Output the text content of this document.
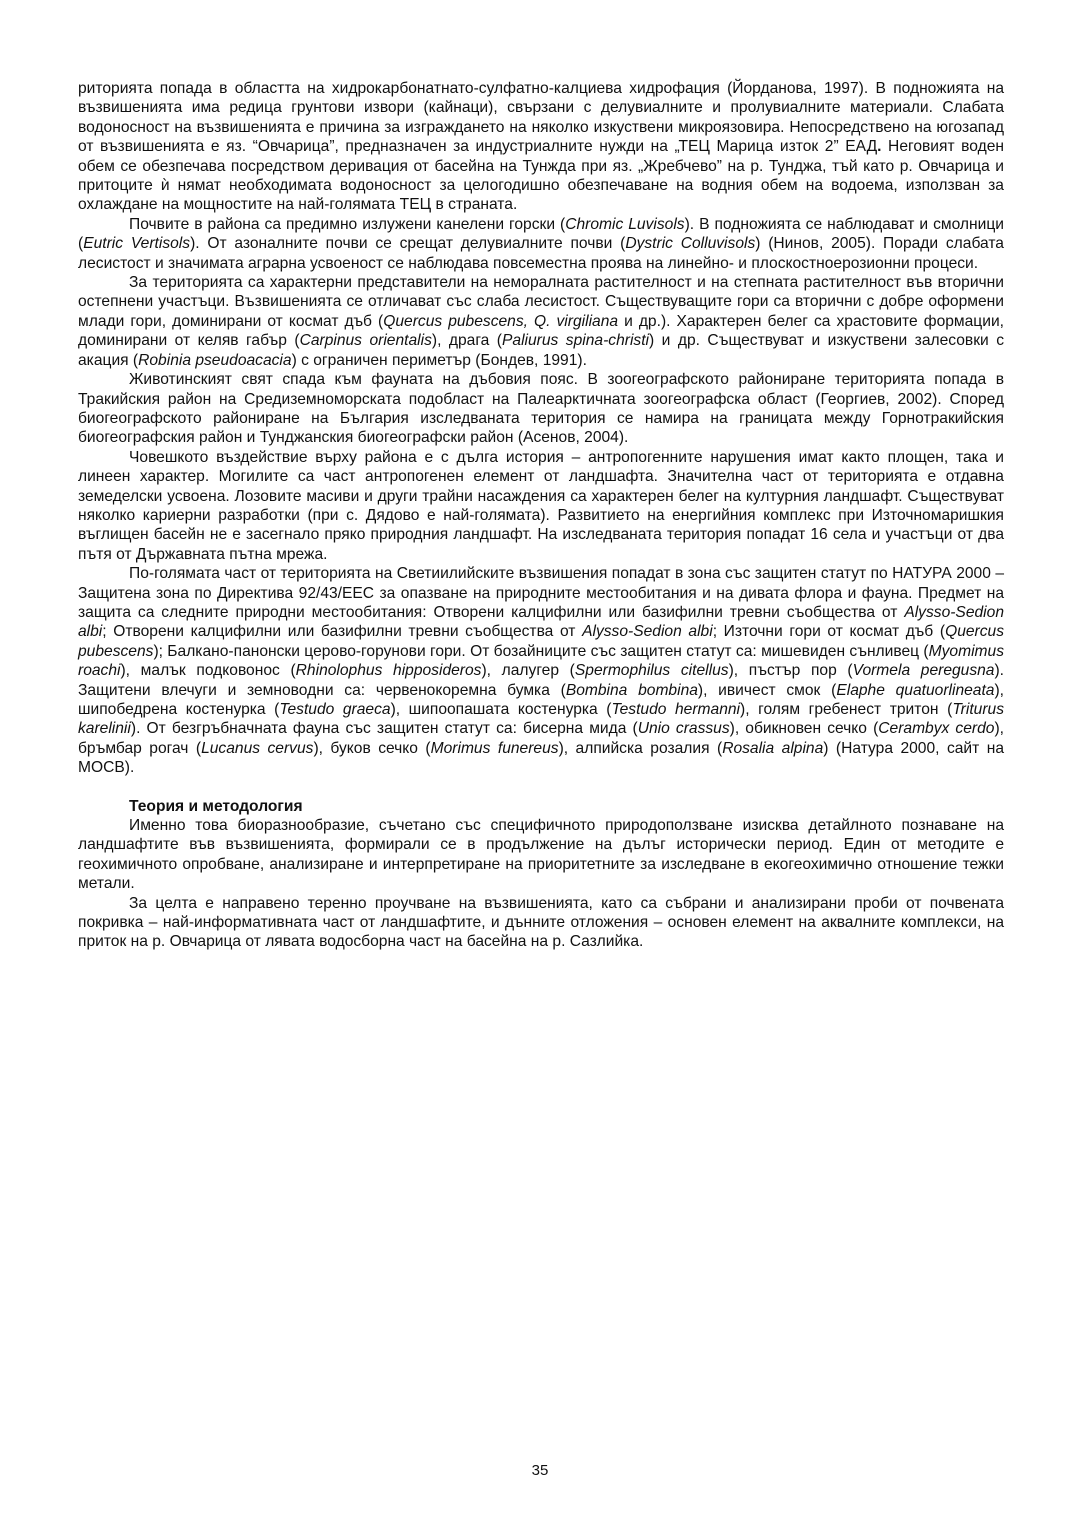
риторията попада в областта на хидрокарбонатнато-сулфатно-калциева хидрофация (Йорданова, 1997). В подножията на възвишенията има редица грунтови извори (кайнаци), свързани с делувиалните и пролувиалните материали. Слабата водоносност на възвишенията е причина за изграждането на няколко изкуствени микроязовира. Непосредствено на югозапад от възвишенията е яз. “Овчарица”, предназначен за индустриалните нужди на „ТЕЦ Марица изток 2” ЕАД. Неговият воден обем се обезпечава посредством деривация от басейна на Тунжда при яз. „Жребчево” на р. Тунджа, тъй като р. Овчарица и притоците ѝ нямат необходимата водоносност за целогодишно обезпечаване на водния обем на водоема, използван за охлаждане на мощностите на най-голямата ТЕЦ в страната.

Почвите в района са предимно излужени канелени горски (Chromic Luvisols). В подножията се наблюдават и смолници (Eutric Vertisols). От азоналните почви се срещат делувиалните почви (Dystric Colluvisols) (Нинов, 2005). Поради слабата лесистост и значимата аграрна усвоеност се наблюдава повсеместна проява на линейно- и плоскостноерозионни процеси.

За територията са характерни представители на неморалната растителност и на степната растителност във вторични остепнени участъци. Възвишенията се отличават със слаба лесистост. Съществуващите гори са вторични с добре оформени млади гори, доминирани от космат дъб (Quercus pubescens, Q. virgiliana и др.). Характерен белег са храстовите формации, доминирани от келяв габър (Carpinus orientalis), драга (Paliurus spina-christi) и др. Съществуват и изкуствени залесовки с акация (Robinia pseudoacacia) с ограничен периметър (Бондев, 1991).

Животинският свят спада към фауната на дъбовия пояс. В зоогеографското райониране територията попада в Тракийския район на Средиземноморската подобласт на Палеарктичната зоогеографска област (Георгиев, 2002). Според биогеографското райониране на България изследваната територия се намира на границата между Горнотракийския биогеографския район и Тунджанския биогеографски район (Асенов, 2004).

Човешкото въздействие върху района е с дълга история – антропогенните нарушения имат както площен, така и линеен характер. Могилите са част антропогенен елемент от ландшафта. Значителна част от територията е отдавна земеделски усвоена. Лозовите масиви и други трайни насаждения са характерен белег на културния ландшафт. Съществуват няколко кариерни разработки (при с. Дядово е най-голямата). Развитието на енергийния комплекс при Източномаришкия въглищен басейн не е засегнало пряко природния ландшафт. На изследваната територия попадат 16 села и участъци от два пътя от Държавната пътна мрежа.

По-голямата част от територията на Светиилийските възвишения попадат в зона със защитен статут по НАТУРА 2000 – Защитена зона по Директива 92/43/ЕЕС за опазване на природните местообитания и на дивата флора и фауна. Предмет на защита са следните природни местообитания: Отворени калцифилни или базифилни тревни съобщества от Alysso-Sedion albi; Отворени калцифилни или базифилни тревни съобщества от Alysso-Sedion albi; Източни гори от космат дъб (Quercus pubescens); Балкано-панонски церово-горунови гори. От бозайниците със защитен статут са: мишевиден сънливец (Myomimus roachi), малък подковонос (Rhinolophus hipposideros), лалугер (Spermophilus citellus), пъстър пор (Vormela peregusna). Защитени влечуги и земноводни са: червенокоремна бумка (Bombina bombina), ивичест смок (Elaphe quatuorlineata), шипобедрена костенурка (Testudo graeca), шипоопашата костенурка (Testudo hermanni), голям гребенест тритон (Triturus karelinii). От безгръбначната фауна със защитен статут са: бисерна мида (Unio crassus), обикновен сечко (Cerambyx cerdo), бръмбар рогач (Lucanus cervus), буков сечко (Morimus funereus), алпийска розалия (Rosalia alpina) (Натура 2000, сайт на МОСВ).

Теория и методология

Именно това биоразнообразие, съчетано със специфичното природоползване изисква детайлното познаване на ландшафтите във възвишенията, формирали се в продължение на дълъг исторически период. Един от методите е геохимичното опробване, анализиране и интерпретиране на приоритетните за изследване в екогеохимично отношение тежки метали.

За целта е направено теренно проучване на възвишенията, като са събрани и анализирани проби от почвената покривка – най-информативната част от ландшафтите, и дънните отложения – основен елемент на аквалните комплекси, на приток на р. Овчарица от лявата водосборна част на басейна на р. Сазлийка.

35
